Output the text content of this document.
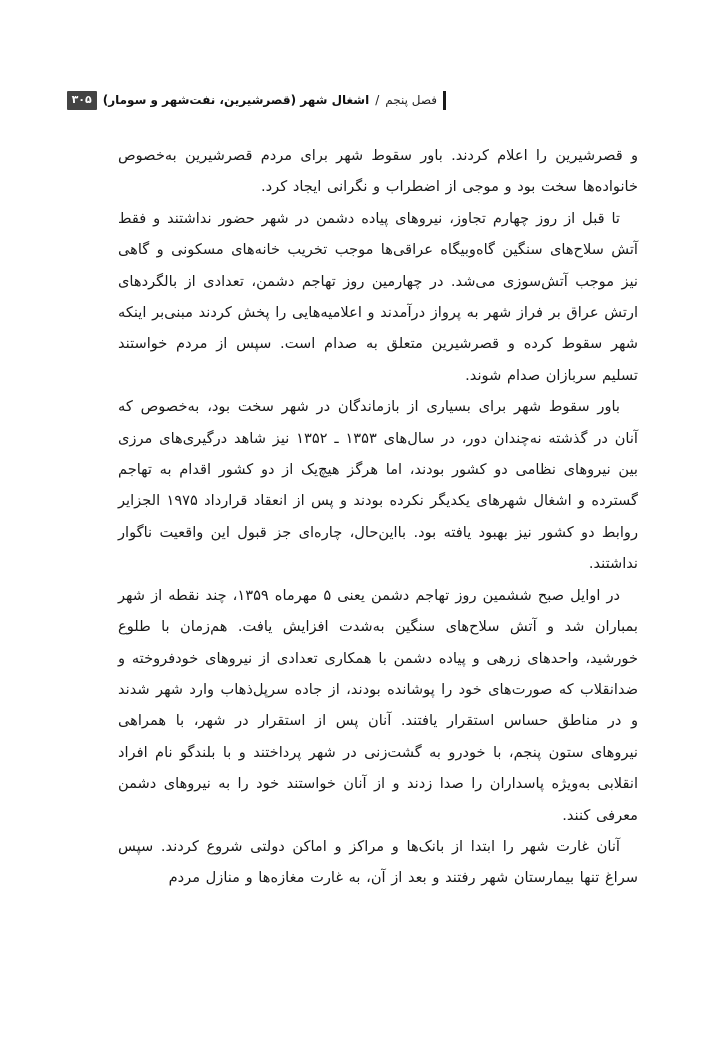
فصل پنجم
/
اشغال شهر (قصرشیرین، نفت‌شهر و سومار)
۳۰۵

و قصرشیرین را اعلام کردند. باور سقوط شهر برای مردم قصرشیرین به‌خصوص خانواده‌ها سخت بود و موجی از اضطراب و نگرانی ایجاد کرد.

تا قبل از روز چهارم تجاوز، نیروهای پیاده دشمن در شهر حضور نداشتند و فقط آتش سلاح‌های سنگین گاه‌وبیگاه عراقی‌ها موجب تخریب خانه‌های مسکونی و گاهی نیز موجب آتش‌سوزی می‌شد. در چهارمین روز تهاجم دشمن، تعدادی از بالگردهای ارتش عراق بر فراز شهر به پرواز درآمدند و اعلامیه‌هایی را پخش کردند مبنی‌بر اینکه شهر سقوط کرده و قصرشیرین متعلق به صدام است. سپس از مردم خواستند تسلیم سربازان صدام شوند.

باور سقوط شهر برای بسیاری از بازماندگان در شهر سخت بود، به‌خصوص که آنان در گذشته نه‌چندان دور، در سال‌های ۱۳۵۳ ـ ۱۳۵۲ نیز شاهد درگیری‌های مرزی بین نیروهای نظامی دو کشور بودند، اما هرگز هیچ‌یک از دو کشور اقدام به تهاجم گسترده و اشغال شهرهای یکدیگر نکرده بودند و پس از انعقاد قرارداد ۱۹۷۵ الجزایر روابط دو کشور نیز بهبود یافته بود. بااین‌حال، چاره‌ای جز قبول این واقعیت ناگوار نداشتند.

در اوایل صبح ششمین روز تهاجم دشمن یعنی ۵ مهرماه ۱۳۵۹، چند نقطه از شهر بمباران شد و آتش سلاح‌های سنگین به‌شدت افزایش یافت. هم‌زمان با طلوع خورشید، واحدهای زرهی و پیاده دشمن با همکاری تعدادی از نیروهای خودفروخته و ضدانقلاب که صورت‌های خود را پوشانده بودند، از جاده سرپل‌ذهاب وارد شهر شدند و در مناطق حساس استقرار یافتند. آنان پس از استقرار در شهر، با همراهی نیروهای ستون پنجم، با خودرو به گشت‌زنی در شهر پرداختند و با بلندگو نام افراد انقلابی به‌ویژه پاسداران را صدا زدند و از آنان خواستند خود را به نیروهای دشمن معرفی کنند.

آنان غارت شهر را ابتدا از بانک‌ها و مراکز و اماکن دولتی شروع کردند. سپس سراغ تنها بیمارستان شهر رفتند و بعد از آن، به غارت مغازه‌ها و منازل مردم
